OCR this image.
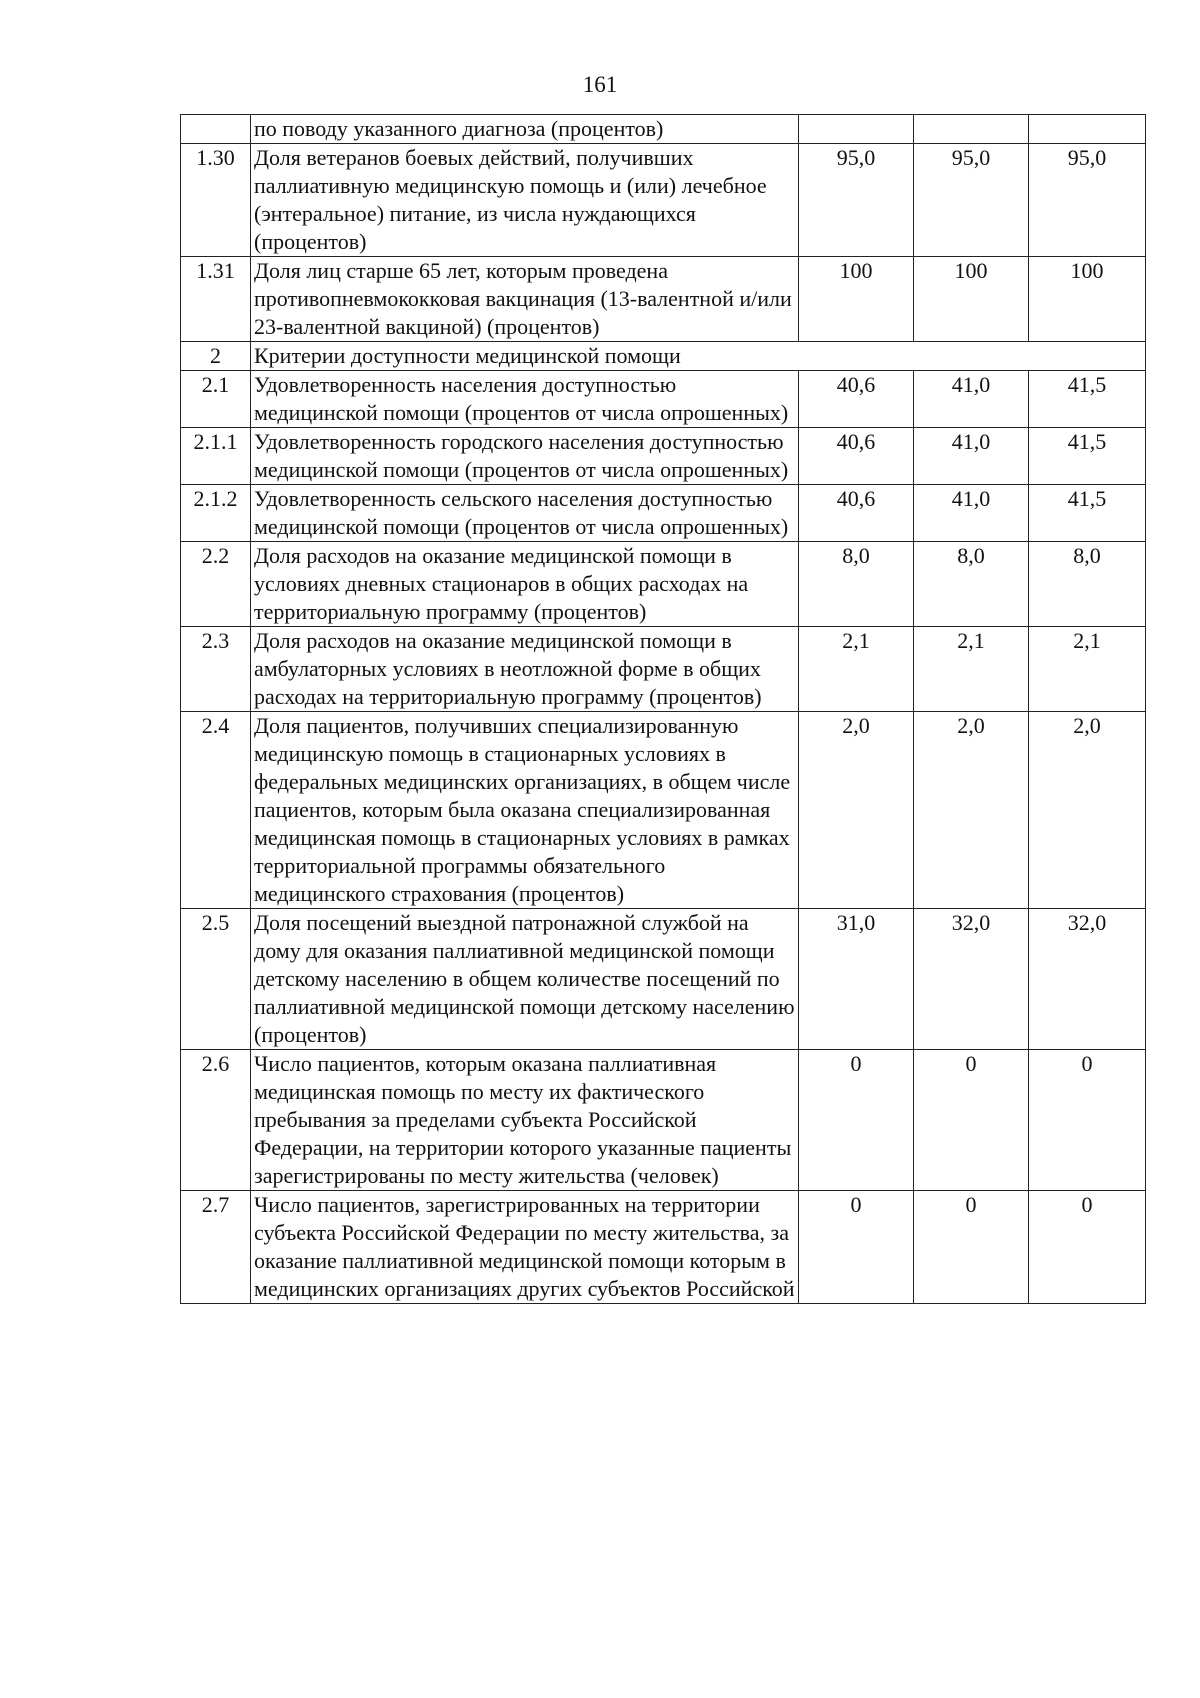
161
	по поводу указанного диагноза (процентов)			
1.30	Доля ветеранов боевых действий, получивших паллиативную медицинскую помощь и (или) лечебное (энтеральное) питание, из числа нуждающихся (процентов)	95,0	95,0	95,0
1.31	Доля лиц старше 65 лет, которым проведена противопневмококковая вакцинация (13-валентной и/или 23-валентной вакциной) (процентов)	100	100	100
2	Критерии доступности медицинской помощи			
2.1	Удовлетворенность населения доступностью медицинской помощи (процентов от числа опрошенных)	40,6	41,0	41,5
2.1.1	Удовлетворенность городского населения доступностью медицинской помощи (процентов от числа опрошенных)	40,6	41,0	41,5
2.1.2	Удовлетворенность сельского населения доступностью медицинской помощи (процентов от числа опрошенных)	40,6	41,0	41,5
2.2	Доля расходов на оказание медицинской помощи в условиях дневных стационаров в общих расходах на территориальную программу (процентов)	8,0	8,0	8,0
2.3	Доля расходов на оказание медицинской помощи в амбулаторных условиях в неотложной форме в общих расходах на территориальную программу (процентов)	2,1	2,1	2,1
2.4	Доля пациентов, получивших специализированную медицинскую помощь в стационарных условиях в федеральных медицинских организациях, в общем числе пациентов, которым была оказана специализированная медицинская помощь в стационарных условиях в рамках территориальной программы обязательного медицинского страхования (процентов)	2,0	2,0	2,0
2.5	Доля посещений выездной патронажной службой на дому для оказания паллиативной медицинской помощи детскому населению в общем количестве посещений по паллиативной медицинской помощи детскому населению (процентов)	31,0	32,0	32,0
2.6	Число пациентов, которым оказана паллиативная медицинская помощь по месту их фактического пребывания за пределами субъекта Российской Федерации, на территории которого указанные пациенты зарегистрированы по месту жительства (человек)	0	0	0
2.7	Число пациентов, зарегистрированных на территории субъекта Российской Федерации по месту жительства, за оказание паллиативной медицинской помощи которым в медицинских организациях других субъектов Российской	0	0	0
